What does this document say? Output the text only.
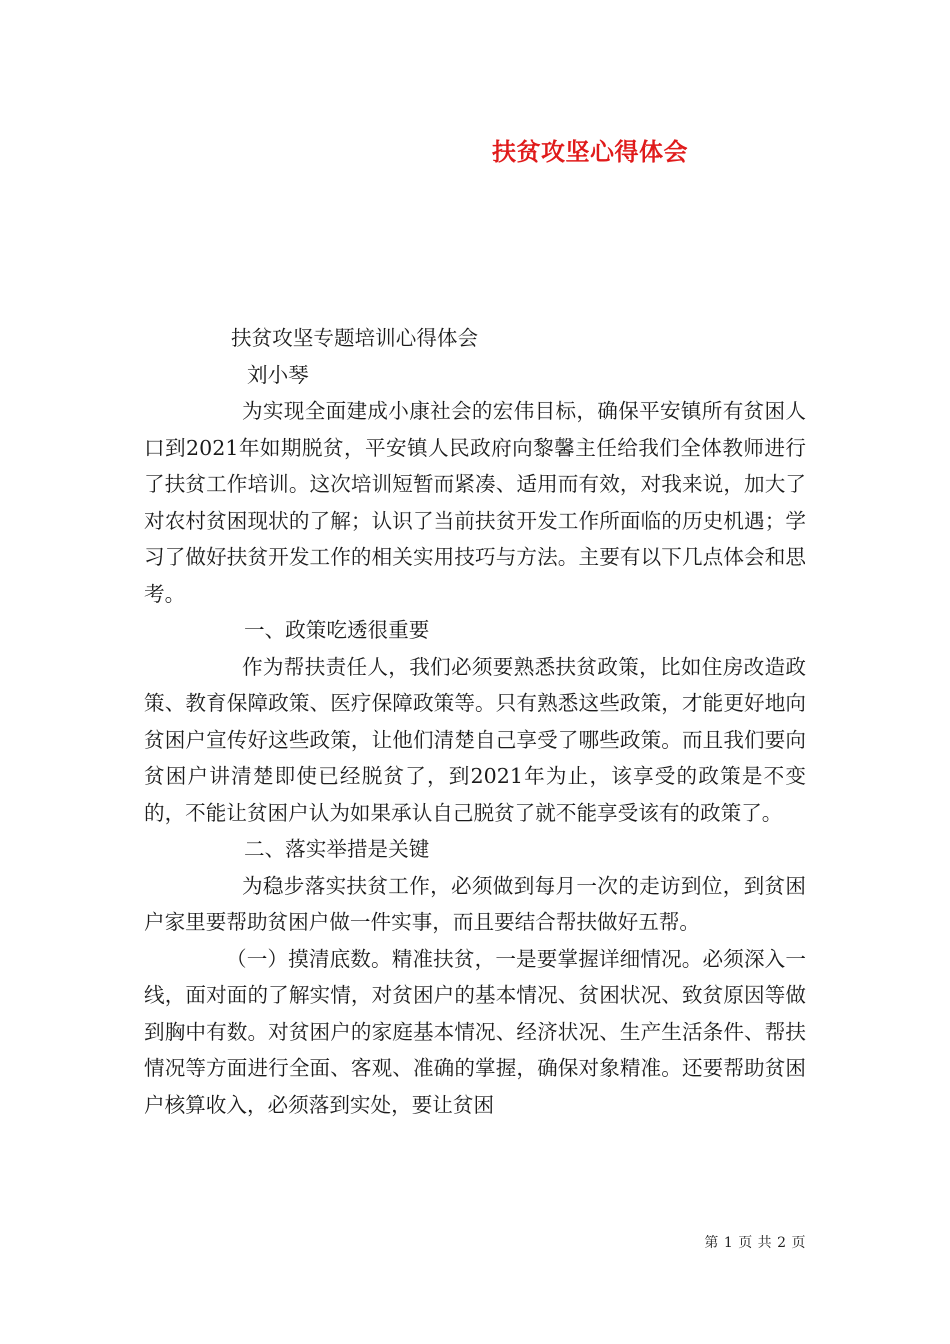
扶贫攻坚心得体会

扶贫攻坚专题培训心得体会

刘小琴

为实现全面建成小康社会的宏伟目标，确保平安镇所有贫困人口到2021年如期脱贫，平安镇人民政府向黎馨主任给我们全体教师进行了扶贫工作培训。这次培训短暂而紧凑、适用而有效，对我来说，加大了对农村贫困现状的了解；认识了当前扶贫开发工作所面临的历史机遇；学习了做好扶贫开发工作的相关实用技巧与方法。主要有以下几点体会和思考。

一、政策吃透很重要

作为帮扶责任人，我们必须要熟悉扶贫政策，比如住房改造政策、教育保障政策、医疗保障政策等。只有熟悉这些政策，才能更好地向贫困户宣传好这些政策，让他们清楚自己享受了哪些政策。而且我们要向贫困户讲清楚即使已经脱贫了，到2021年为止，该享受的政策是不变的，不能让贫困户认为如果承认自己脱贫了就不能享受该有的政策了。

二、落实举措是关键

为稳步落实扶贫工作，必须做到每月一次的走访到位，到贫困户家里要帮助贫困户做一件实事，而且要结合帮扶做好五帮。

（一）摸清底数。精准扶贫，一是要掌握详细情况。必须深入一线，面对面的了解实情，对贫困户的基本情况、贫困状况、致贫原因等做到胸中有数。对贫困户的家庭基本情况、经济状况、生产生活条件、帮扶情况等方面进行全面、客观、准确的掌握，确保对象精准。还要帮助贫困户核算收入，必须落到实处，要让贫困

第 1 页 共 2 页
